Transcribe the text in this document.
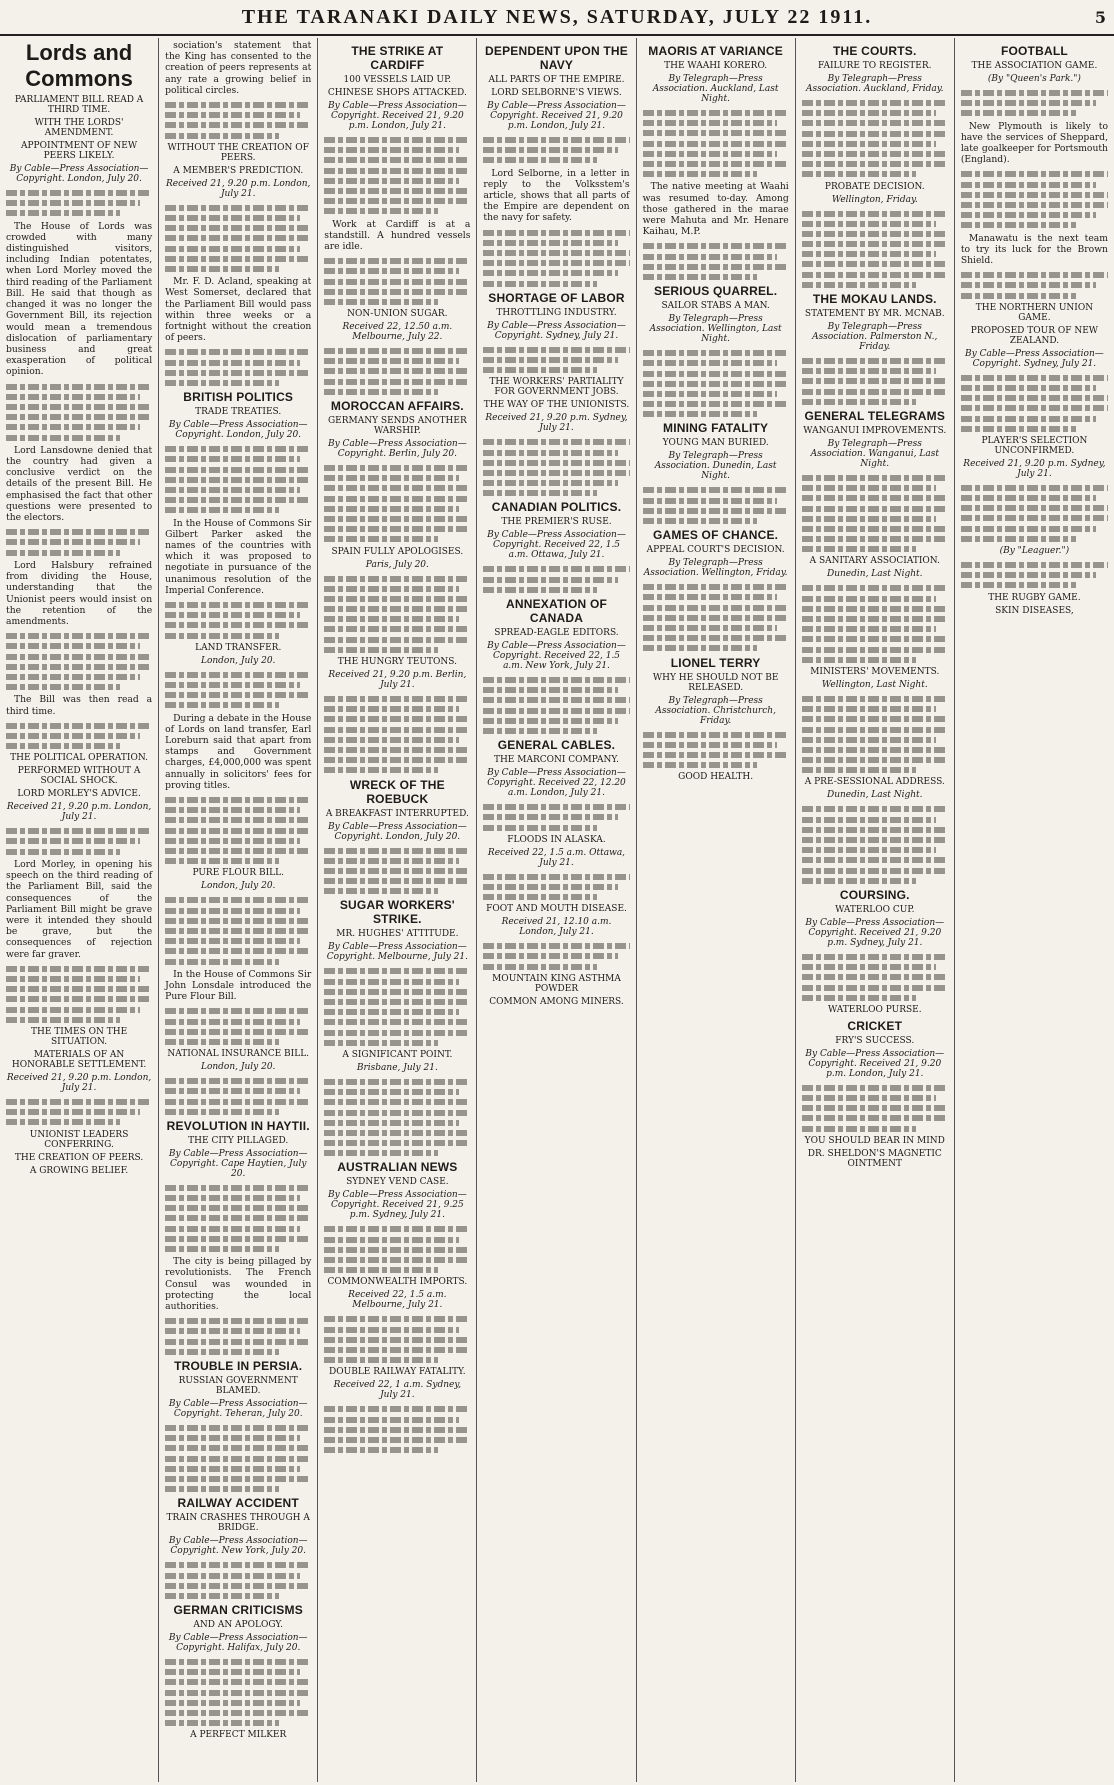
THE TARANAKI DAILY NEWS, SATURDAY, JULY 22 1911.	5
Lords and Commons
PARLIAMENT BILL READ A THIRD TIME.
WITH THE LORDS' AMENDMENT.
APPOINTMENT OF NEW PEERS LIKELY.
By Cable—Press Association—Copyright. London, July 20.
The House of Lords was crowded with many distinguished visitors, including Indian potentates, when Lord Morley moved the third reading of the Parliament Bill. He said that though as changed it was no longer the Government Bill, its rejection would mean a tremendous dislocation of parliamentary business and great exasperation of political opinion.
Lord Lansdowne denied that the country had given a conclusive verdict on the details of the present Bill. He emphasised the fact that other questions were presented to the electors.
Lord Halsbury refrained from dividing the House, understanding that the Unionist peers would insist on the retention of the amendments.
The Bill was then read a third time.
THE POLITICAL OPERATION.
PERFORMED WITHOUT A SOCIAL SHOCK.
LORD MORLEY'S ADVICE.
Received 21, 9.20 p.m. London, July 21.
Lord Morley, in opening his speech on the third reading of the Parliament Bill, said the consequences of the Parliament Bill might be grave were it intended they should be grave, but the consequences of rejection were far graver.
THE TIMES ON THE SITUATION.
MATERIALS OF AN HONORABLE SETTLEMENT.
Received 21, 9.20 p.m. London, July 21.
UNIONIST LEADERS CONFERRING.
THE CREATION OF PEERS.
A GROWING BELIEF.
sociation's statement that the King has consented to the creation of peers represents at any rate a growing belief in political circles.
WITHOUT THE CREATION OF PEERS.
A MEMBER'S PREDICTION.
Received 21, 9.20 p.m. London, July 21.
Mr. F. D. Acland, speaking at West Somerset, declared that the Parliament Bill would pass within three weeks or a fortnight without the creation of peers.
BRITISH POLITICS
TRADE TREATIES.
By Cable—Press Association—Copyright. London, July 20.
In the House of Commons Sir Gilbert Parker asked the names of the countries with which it was proposed to negotiate in pursuance of the unanimous resolution of the Imperial Conference.
LAND TRANSFER.
London, July 20.
During a debate in the House of Lords on land transfer, Earl Loreburn said that apart from stamps and Government charges, £4,000,000 was spent annually in solicitors' fees for proving titles.
PURE FLOUR BILL.
London, July 20.
In the House of Commons Sir John Lonsdale introduced the Pure Flour Bill.
NATIONAL INSURANCE BILL.
London, July 20.
REVOLUTION IN HAYTII.
THE CITY PILLAGED.
By Cable—Press Association—Copyright. Cape Haytien, July 20.
The city is being pillaged by revolutionists. The French Consul was wounded in protecting the local authorities.
TROUBLE IN PERSIA.
RUSSIAN GOVERNMENT BLAMED.
By Cable—Press Association—Copyright. Teheran, July 20.
RAILWAY ACCIDENT
TRAIN CRASHES THROUGH A BRIDGE.
By Cable—Press Association—Copyright. New York, July 20.
GERMAN CRITICISMS
AND AN APOLOGY.
By Cable—Press Association—Copyright. Halifax, July 20.
A PERFECT MILKER
THE STRIKE AT CARDIFF
100 VESSELS LAID UP.
CHINESE SHOPS ATTACKED.
By Cable—Press Association—Copyright. Received 21, 9.20 p.m. London, July 21.
Work at Cardiff is at a standstill. A hundred vessels are idle.
NON-UNION SUGAR.
Received 22, 12.50 a.m. Melbourne, July 22.
MOROCCAN AFFAIRS.
GERMANY SENDS ANOTHER WARSHIP.
By Cable—Press Association—Copyright. Berlin, July 20.
SPAIN FULLY APOLOGISES.
Paris, July 20.
THE HUNGRY TEUTONS.
Received 21, 9.20 p.m. Berlin, July 21.
WRECK OF THE ROEBUCK
A BREAKFAST INTERRUPTED.
By Cable—Press Association—Copyright. London, July 20.
SUGAR WORKERS' STRIKE.
MR. HUGHES' ATTITUDE.
By Cable—Press Association—Copyright. Melbourne, July 21.
A SIGNIFICANT POINT.
Brisbane, July 21.
AUSTRALIAN NEWS
SYDNEY VEND CASE.
By Cable—Press Association—Copyright. Received 21, 9.25 p.m. Sydney, July 21.
COMMONWEALTH IMPORTS.
Received 22, 1.5 a.m. Melbourne, July 21.
DOUBLE RAILWAY FATALITY.
Received 22, 1 a.m. Sydney, July 21.
DEPENDENT UPON THE NAVY
ALL PARTS OF THE EMPIRE.
LORD SELBORNE'S VIEWS.
By Cable—Press Association—Copyright. Received 21, 9.20 p.m. London, July 21.
Lord Selborne, in a letter in reply to the Volksstem's article, shows that all parts of the Empire are dependent on the navy for safety.
SHORTAGE OF LABOR
THROTTLING INDUSTRY.
By Cable—Press Association—Copyright. Sydney, July 21.
THE WORKERS' PARTIALITY FOR GOVERNMENT JOBS.
THE WAY OF THE UNIONISTS.
Received 21, 9.20 p.m. Sydney, July 21.
CANADIAN POLITICS.
THE PREMIER'S RUSE.
By Cable—Press Association—Copyright. Received 22, 1.5 a.m. Ottawa, July 21.
ANNEXATION OF CANADA
SPREAD-EAGLE EDITORS.
By Cable—Press Association—Copyright. Received 22, 1.5 a.m. New York, July 21.
GENERAL CABLES.
THE MARCONI COMPANY.
By Cable—Press Association—Copyright. Received 22, 12.20 a.m. London, July 21.
FLOODS IN ALASKA.
Received 22, 1.5 a.m. Ottawa, July 21.
FOOT AND MOUTH DISEASE.
Received 21, 12.10 a.m. London, July 21.
MOUNTAIN KING ASTHMA POWDER
COMMON AMONG MINERS.
MAORIS AT VARIANCE
THE WAAHI KORERO.
By Telegraph—Press Association. Auckland, Last Night.
The native meeting at Waahi was resumed to-day. Among those gathered in the marae were Mahuta and Mr. Henare Kaihau, M.P.
SERIOUS QUARREL.
SAILOR STABS A MAN.
By Telegraph—Press Association. Wellington, Last Night.
MINING FATALITY
YOUNG MAN BURIED.
By Telegraph—Press Association. Dunedin, Last Night.
GAMES OF CHANCE.
APPEAL COURT'S DECISION.
By Telegraph—Press Association. Wellington, Friday.
LIONEL TERRY
WHY HE SHOULD NOT BE RELEASED.
By Telegraph—Press Association. Christchurch, Friday.
GOOD HEALTH.
THE COURTS.
FAILURE TO REGISTER.
By Telegraph—Press Association. Auckland, Friday.
PROBATE DECISION.
Wellington, Friday.
THE MOKAU LANDS.
STATEMENT BY MR. MCNAB.
By Telegraph—Press Association. Palmerston N., Friday.
GENERAL TELEGRAMS
WANGANUI IMPROVEMENTS.
By Telegraph—Press Association. Wanganui, Last Night.
A SANITARY ASSOCIATION.
Dunedin, Last Night.
MINISTERS' MOVEMENTS.
Wellington, Last Night.
A PRE-SESSIONAL ADDRESS.
Dunedin, Last Night.
COURSING.
WATERLOO CUP.
By Cable—Press Association—Copyright. Received 21, 9.20 p.m. Sydney, July 21.
WATERLOO PURSE.
CRICKET
FRY'S SUCCESS.
By Cable—Press Association—Copyright. Received 21, 9.20 p.m. London, July 21.
YOU SHOULD BEAR IN MIND
DR. SHELDON'S MAGNETIC OINTMENT
FOOTBALL
THE ASSOCIATION GAME.
(By "Queen's Park.")
New Plymouth is likely to have the services of Sheppard, late goalkeeper for Portsmouth (England).
Manawatu is the next team to try its luck for the Brown Shield.
THE NORTHERN UNION GAME.
PROPOSED TOUR OF NEW ZEALAND.
By Cable—Press Association—Copyright. Sydney, July 21.
PLAYER'S SELECTION UNCONFIRMED.
Received 21, 9.20 p.m. Sydney, July 21.
(By "Leaguer.")
THE RUGBY GAME.
SKIN DISEASES,
